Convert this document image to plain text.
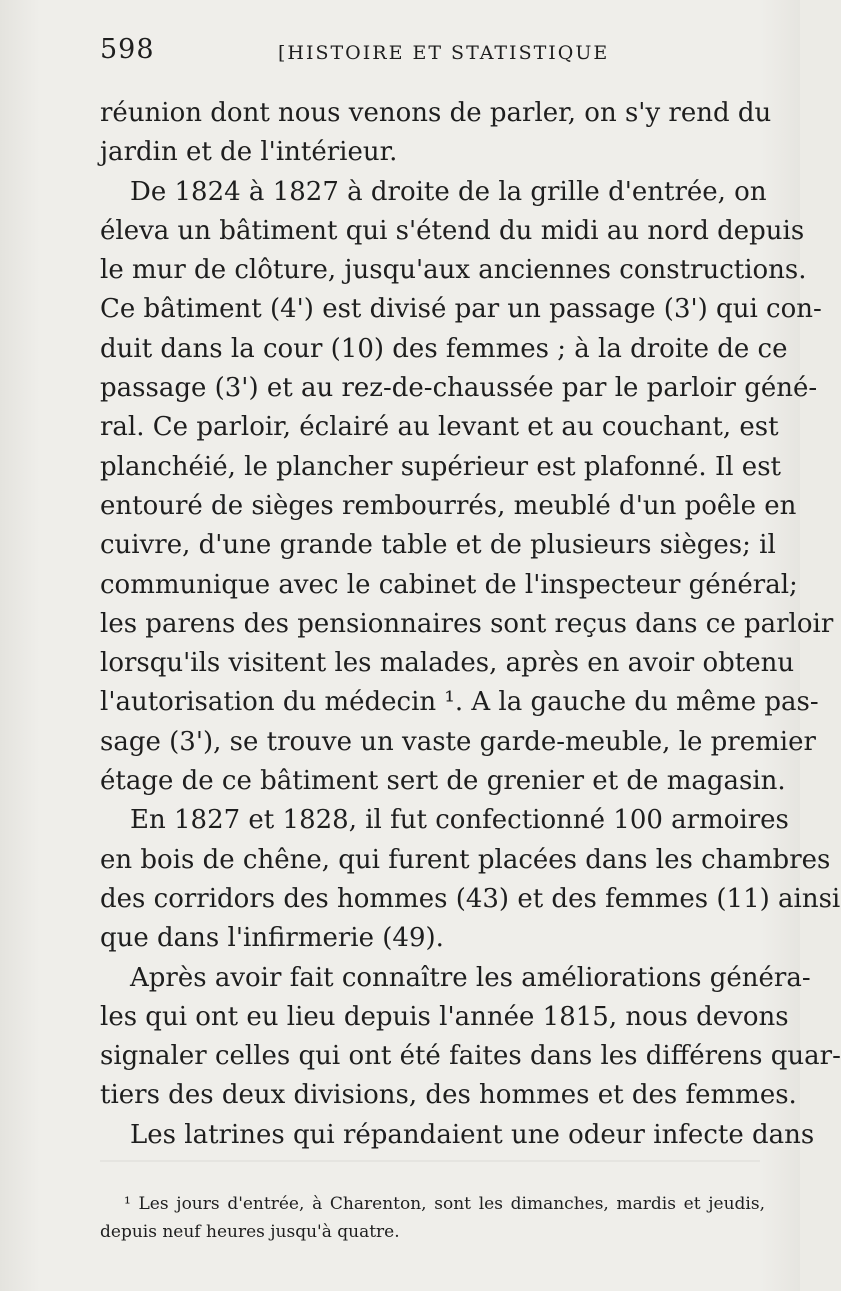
598	[HISTOIRE ET STATISTIQUE
réunion dont nous venons de parler, on s'y rend du
jardin et de l'intérieur.
De 1824 à 1827 à droite de la grille d'entrée, on
éleva un bâtiment qui s'étend du midi au nord depuis
le mur de clôture, jusqu'aux anciennes constructions.
Ce bâtiment (4') est divisé par un passage (3') qui con-
duit dans la cour (10) des femmes ; à la droite de ce
passage (3') et au rez-de-chaussée par le parloir géné-
ral. Ce parloir, éclairé au levant et au couchant, est
planchéié, le plancher supérieur est plafonné. Il est
entouré de sièges rembourrés, meublé d'un poêle en
cuivre, d'une grande table et de plusieurs sièges; il
communique avec le cabinet de l'inspecteur général;
les parens des pensionnaires sont reçus dans ce parloir
lorsqu'ils visitent les malades, après en avoir obtenu
l'autorisation du médecin ¹. A la gauche du même pas-
sage (3'), se trouve un vaste garde-meuble, le premier
étage de ce bâtiment sert de grenier et de magasin.
En 1827 et 1828, il fut confectionné 100 armoires
en bois de chêne, qui furent placées dans les chambres
des corridors des hommes (43) et des femmes (11) ainsi
que dans l'infirmerie (49).
Après avoir fait connaître les améliorations généra-
les qui ont eu lieu depuis l'année 1815, nous devons
signaler celles qui ont été faites dans les différens quar-
tiers des deux divisions, des hommes et des femmes.
Les latrines qui répandaient une odeur infecte dans
¹ Les jours d'entrée, à Charenton, sont les dimanches, mardis et jeudis,
depuis neuf heures jusqu'à quatre.
